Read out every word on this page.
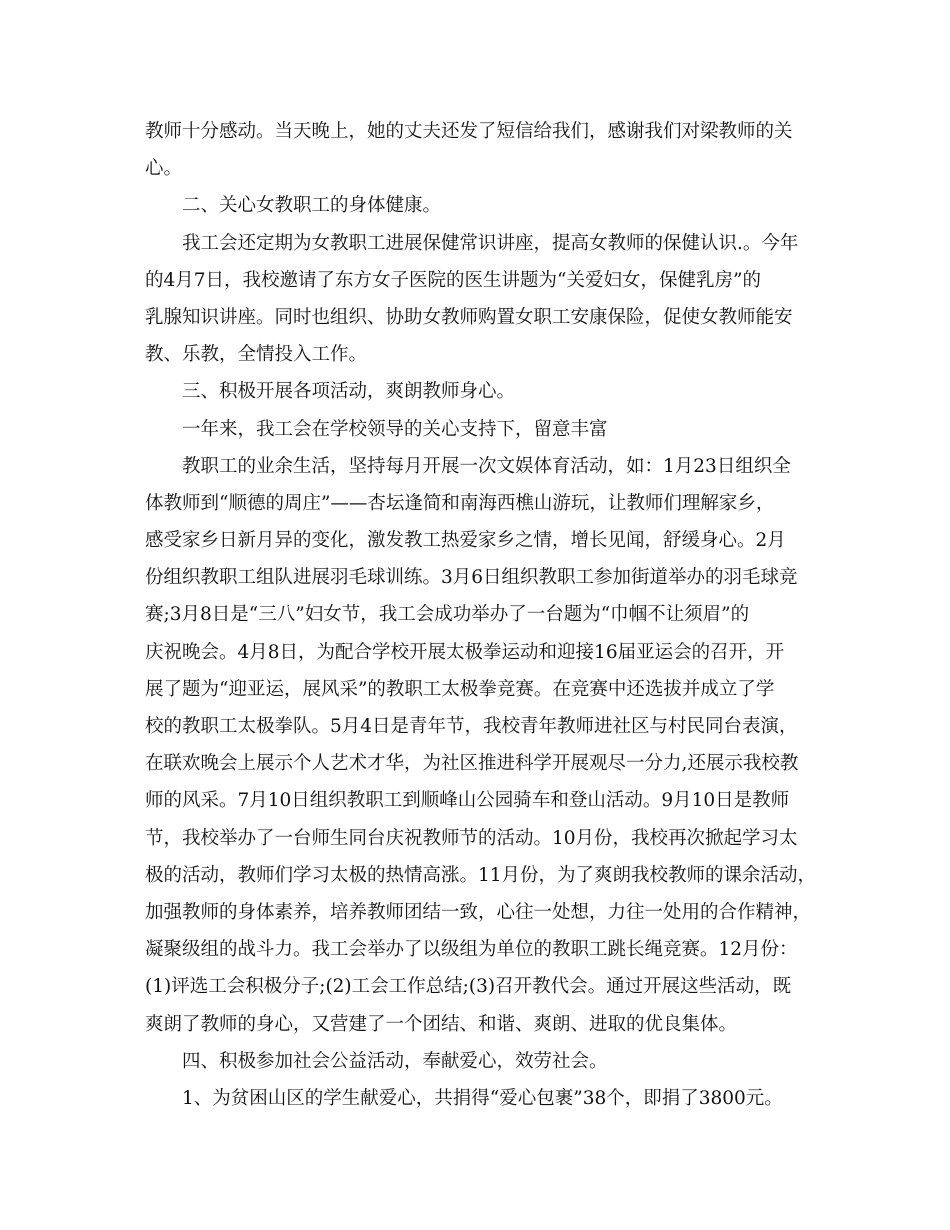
教师十分感动。当天晚上，她的丈夫还发了短信给我们，感谢我们对梁教师的关

心。

二、关心女教职工的身体健康。

我工会还定期为女教职工进展保健常识讲座，提高女教师的保健认识.。今年

的4月7日，我校邀请了东方女子医院的医生讲题为“关爱妇女，保健乳房”的

乳腺知识讲座。同时也组织、协助女教师购置女职工安康保险，促使女教师能安

教、乐教，全情投入工作。

三、积极开展各项活动，爽朗教师身心。

一年来，我工会在学校领导的关心支持下，留意丰富

教职工的业余生活，坚持每月开展一次文娱体育活动，如：1月23日组织全

体教师到“顺德的周庄”——杏坛逢简和南海西樵山游玩，让教师们理解家乡，

感受家乡日新月异的变化，激发教工热爱家乡之情，增长见闻，舒缓身心。2月

份组织教职工组队进展羽毛球训练。3月6日组织教职工参加街道举办的羽毛球竞

赛;3月8日是“三八”妇女节，我工会成功举办了一台题为“巾帼不让须眉”的

庆祝晚会。4月8日，为配合学校开展太极拳运动和迎接16届亚运会的召开，开

展了题为“迎亚运，展风采”的教职工太极拳竞赛。在竞赛中还选拔并成立了学

校的教职工太极拳队。5月4日是青年节，我校青年教师进社区与村民同台表演，

在联欢晚会上展示个人艺术才华，为社区推进科学开展观尽一分力,还展示我校教

师的风采。7月10日组织教职工到顺峰山公园骑车和登山活动。9月10日是教师

节，我校举办了一台师生同台庆祝教师节的活动。10月份，我校再次掀起学习太

极的活动，教师们学习太极的热情高涨。11月份，为了爽朗我校教师的课余活动，

加强教师的身体素养，培养教师团结一致，心往一处想，力往一处用的合作精神，

凝聚级组的战斗力。我工会举办了以级组为单位的教职工跳长绳竞赛。12月份：

(1)评选工会积极分子;(2)工会工作总结;(3)召开教代会。通过开展这些活动，既

爽朗了教师的身心，又营建了一个团结、和谐、爽朗、进取的优良集体。

四、积极参加社会公益活动，奉献爱心，效劳社会。

1、为贫困山区的学生献爱心，共捐得“爱心包裹”38个，即捐了3800元。
